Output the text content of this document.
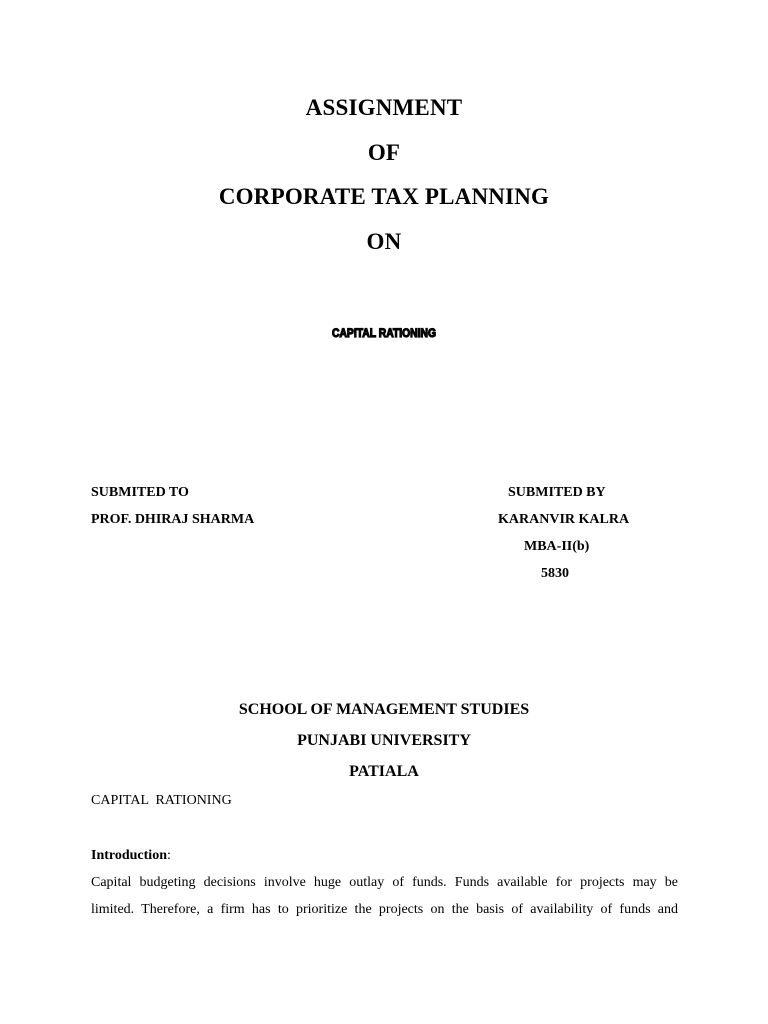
ASSIGNMENT
OF
CORPORATE TAX PLANNING
ON
CAPITAL RATIONING
SUBMITED TO
PROF. DHIRAJ SHARMA
SUBMITED BY
KARANVIR KALRA
MBA-II(b)
5830
SCHOOL OF MANAGEMENT STUDIES
PUNJABI UNIVERSITY
PATIALA
CAPITAL  RATIONING
Introduction:
Capital budgeting decisions involve huge outlay of funds. Funds available for projects may be
limited. Therefore, a firm has to prioritize the projects on the basis of availability of funds and
